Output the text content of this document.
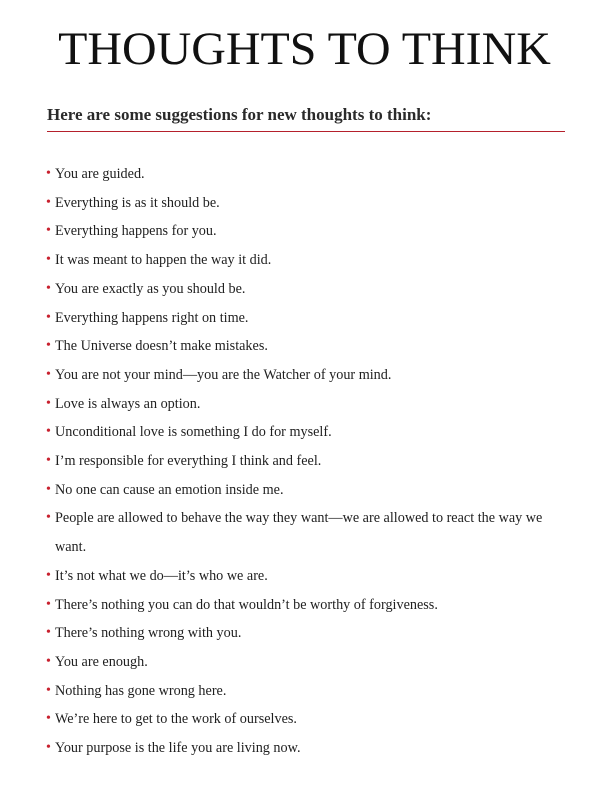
THOUGHTS TO THINK
Here are some suggestions for new thoughts to think:
• You are guided.
• Everything is as it should be.
• Everything happens for you.
• It was meant to happen the way it did.
• You are exactly as you should be.
• Everything happens right on time.
• The Universe doesn’t make mistakes.
• You are not your mind—you are the Watcher of your mind.
• Love is always an option.
• Unconditional love is something I do for myself.
• I’m responsible for everything I think and feel.
• No one can cause an emotion inside me.
• People are allowed to behave the way they want—we are allowed to react the way we want.
• It’s not what we do—it’s who we are.
• There’s nothing you can do that wouldn’t be worthy of forgiveness.
• There’s nothing wrong with you.
• You are enough.
• Nothing has gone wrong here.
• We’re here to get to the work of ourselves.
• Your purpose is the life you are living now.
